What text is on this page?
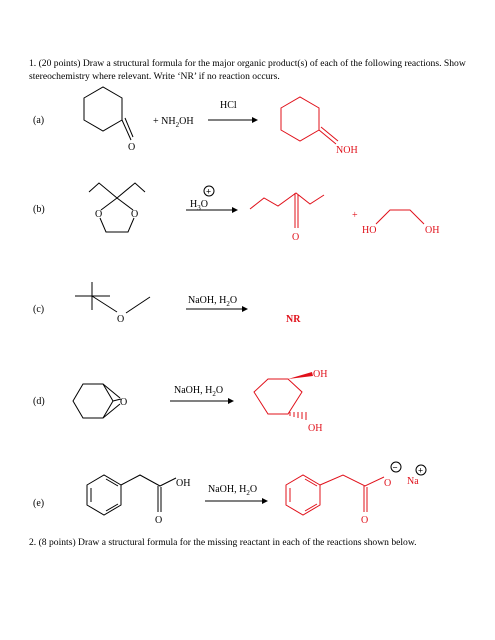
1. (20 points) Draw a structural formula for the major organic product(s) of each of the following reactions. Show stereochemistry where relevant. Write ‘NR’ if no reaction occurs.
(a)
O
+ $NH_2OH$
HCl
NOH
(b)	O	O
$H_3O$
+
O
+
HO	OH
(c)
O
NaOH, $H_2O$
NR
(d)	O
NaOH, $H_2O$
OH
OH
(e)
OH
O
NaOH, $H_2O$
O
O
−
Na
+
2. (8 points) Draw a structural formula for the missing reactant in each of the reactions shown below.
